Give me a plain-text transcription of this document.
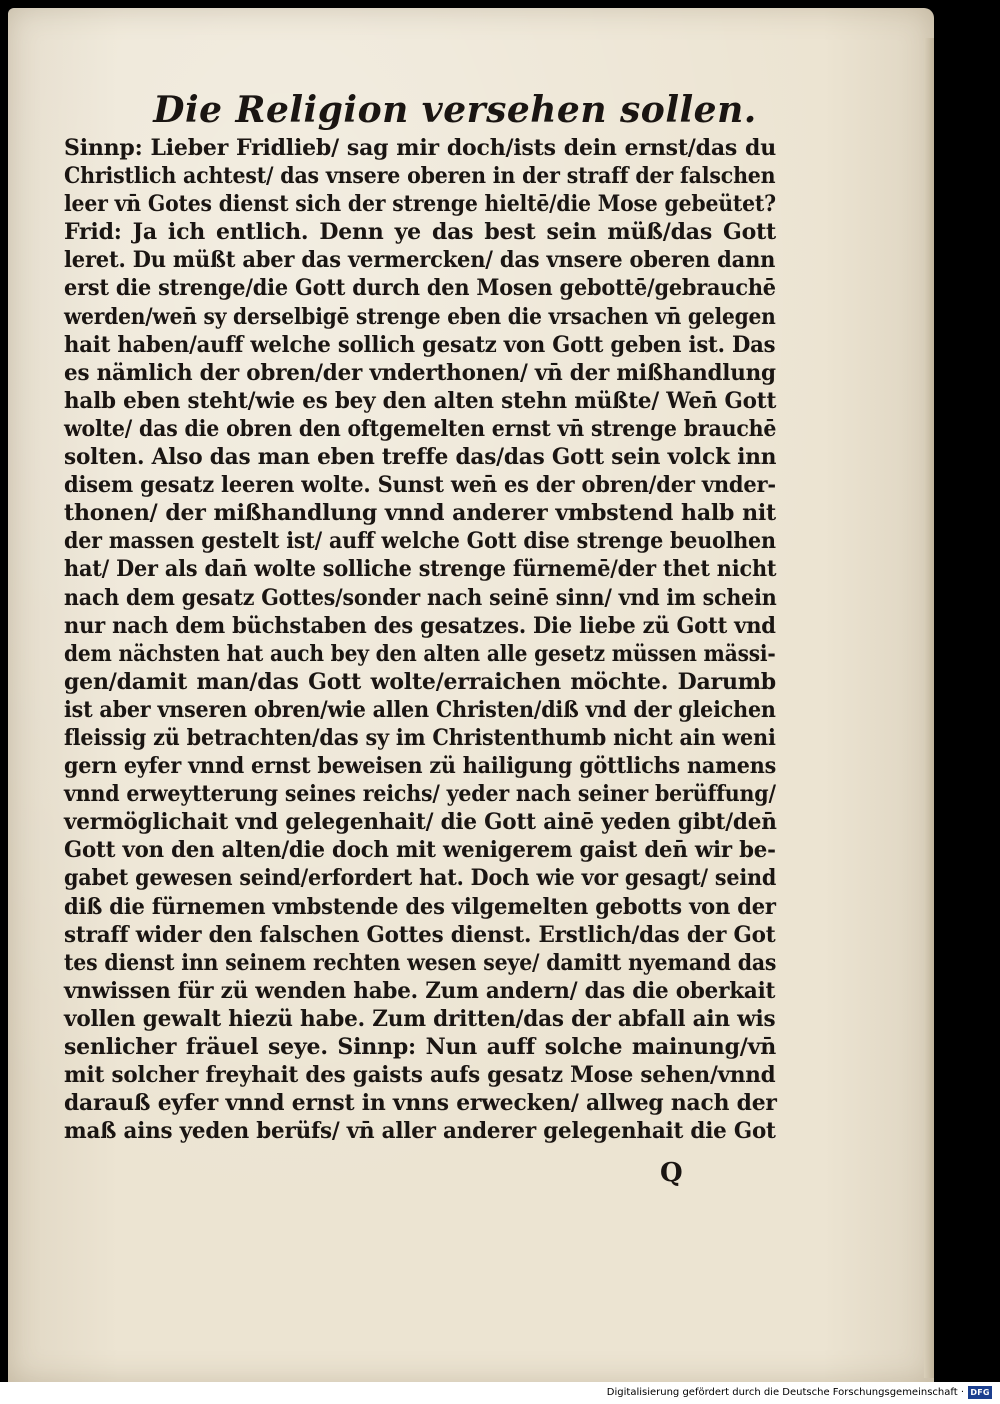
Die Religion versehen sollen.
Sinnp: Lieber Fridlieb/ sag mir doch/ists dein ernst/das du
Christlich achtest/ das vnsere oberen in der straff der falschen
leer vn̄ Gotes dienst sich der strenge hieltē/die Mose gebeütet?
Frid: Ja ich entlich. Denn ye das best sein müß/das Gott
leret. Du müßt aber das vermercken/ das vnsere oberen dann
erst die strenge/die Gott durch den Mosen gebottē/gebrauchē
werden/wen̄ sy derselbigē strenge eben die vrsachen vn̄ gelegen
hait haben/auff welche sollich gesatz von Gott geben ist. Das
es nämlich der obren/der vnderthonen/ vn̄ der mißhandlung
halb eben steht/wie es bey den alten stehn müßte/ Wen̄ Gott
wolte/ das die obren den oftgemelten ernst vn̄ strenge brauchē
solten. Also das man eben treffe das/das Gott sein volck inn
disem gesatz leeren wolte. Sunst wen̄ es der obren/der vnder-
thonen/ der mißhandlung vnnd anderer vmbstend halb nit
der massen gestelt ist/ auff welche Gott dise strenge beuolhen
hat/ Der als dan̄ wolte solliche strenge fürnemē/der thet nicht
nach dem gesatz Gottes/sonder nach seinē sinn/ vnd im schein
nur nach dem büchstaben des gesatzes. Die liebe zü Gott vnd
dem nächsten hat auch bey den alten alle gesetz müssen mässi-
gen/damit man/das Gott wolte/erraichen möchte. Darumb
ist aber vnseren obren/wie allen Christen/diß vnd der gleichen
fleissig zü betrachten/das sy im Christenthumb nicht ain weni
gern eyfer vnnd ernst beweisen zü hailigung göttlichs namens
vnnd erweytterung seines reichs/ yeder nach seiner berüffung/
vermöglichait vnd gelegenhait/ die Gott ainē yeden gibt/den̄
Gott von den alten/die doch mit wenigerem gaist den̄ wir be-
gabet gewesen seind/erfordert hat. Doch wie vor gesagt/ seind
diß die fürnemen vmbstende des vilgemelten gebotts von der
straff wider den falschen Gottes dienst. Erstlich/das der Got
tes dienst inn seinem rechten wesen seye/ damitt nyemand das
vnwissen für zü wenden habe. Zum andern/ das die oberkait
vollen gewalt hiezü habe. Zum dritten/das der abfall ain wis
senlicher fräuel seye. Sinnp: Nun auff solche mainung/vn̄
mit solcher freyhait des gaists aufs gesatz Mose sehen/vnnd
darauß eyfer vnnd ernst in vnns erwecken/ allweg nach der
maß ains yeden berüfs/ vn̄ aller anderer gelegenhait die Got
Q
Digitalisierung gefördert durch die Deutsche Forschungsgemeinschaft · DFG
